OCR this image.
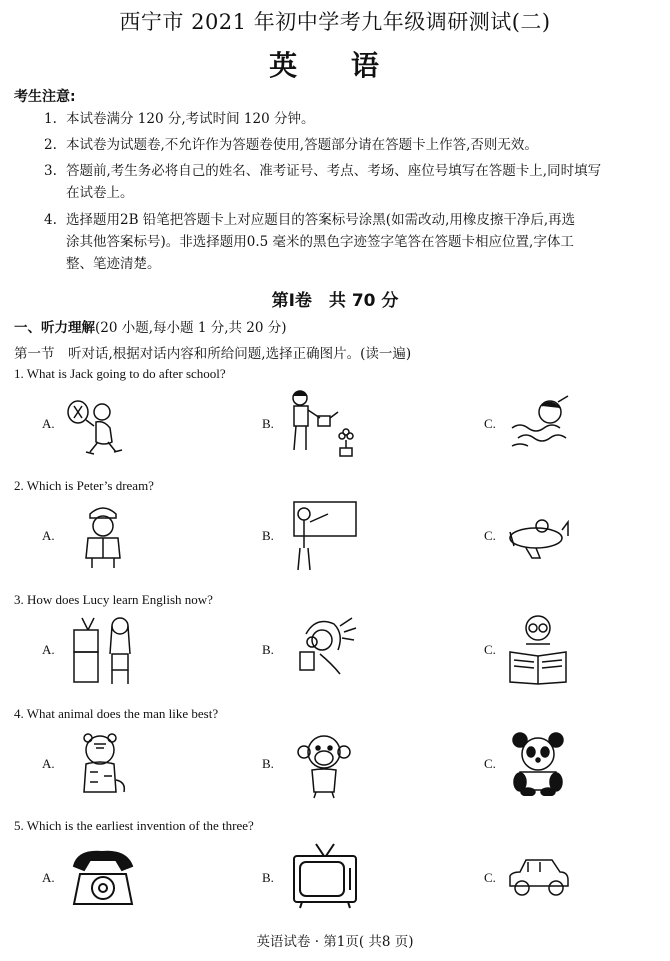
西宁市 2021 年初中学考九年级调研测试(二)
英 语
考生注意:
1. 本试卷满分 120 分,考试时间 120 分钟。
2. 本试卷为试题卷,不允许作为答题卷使用,答题部分请在答题卡上作答,否则无效。
3. 答题前,考生务必将自己的姓名、准考证号、考点、考场、座位号填写在答题卡上,同时填写
在试卷上。
4. 选择题用2B 铅笔把答题卡上对应题目的答案标号涂黑(如需改动,用橡皮擦干净后,再选
涂其他答案标号)。非选择题用0.5 毫米的黑色字迹签字笔答在答题卡相应位置,字体工
整、笔迹清楚。
第Ⅰ卷　共 70 分
一、听力理解(20 小题,每小题 1 分,共 20 分)
第一节　听对话,根据对话内容和所给问题,选择正确图片。(读一遍)
1. What is Jack going to do after school?
A.	B.	C.
2. Which is Peter’s dream?
A.	B.	C.
3. How does Lucy learn English now?
A.	B.	C.
4. What animal does the man like best?
A.	B.	C.
5. Which is the earliest invention of the three?
A.	B.	C.
英语试卷 · 第1页( 共8 页)
